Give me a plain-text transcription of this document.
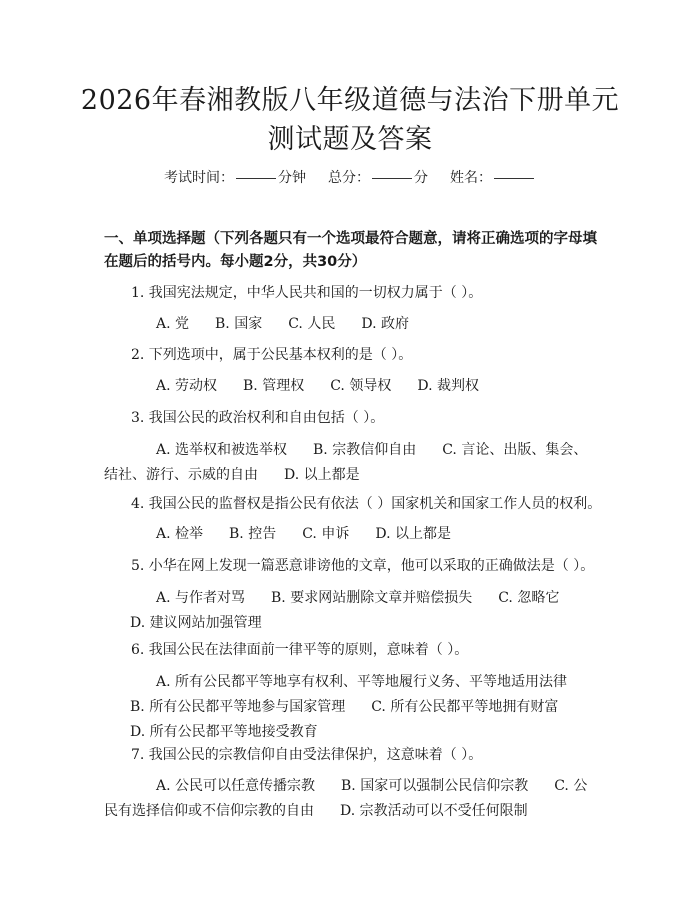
2026年春湘教版八年级道德与法治下册单元
测试题及答案
考试时间：	分钟 总分：	分 姓名：
一、单项选择题（下列各题只有一个选项最符合题意，请将正确选项的字母填在题后的括号内。每小题2分，共30分）
1. 我国宪法规定，中华人民共和国的一切权力属于（ ）。
A. 党 B. 国家 C. 人民 D. 政府
2. 下列选项中，属于公民基本权利的是（ ）。
A. 劳动权 B. 管理权 C. 领导权 D. 裁判权
3. 我国公民的政治权利和自由包括（ ）。
A. 选举权和被选举权 B. 宗教信仰自由 C. 言论、出版、集会、结社、游行、示威的自由 D. 以上都是
4. 我国公民的监督权是指公民有依法（ ）国家机关和国家工作人员的权利。
A. 检举 B. 控告 C. 申诉 D. 以上都是
5. 小华在网上发现一篇恶意诽谤他的文章，他可以采取的正确做法是（ ）。
A. 与作者对骂 B. 要求网站删除文章并赔偿损失 C. 忽略它D. 建议网站加强管理
6. 我国公民在法律面前一律平等的原则，意味着（ ）。
A. 所有公民都平等地享有权利、平等地履行义务、平等地适用法律B. 所有公民都平等地参与国家管理 C. 所有公民都平等地拥有财富D. 所有公民都平等地接受教育
7. 我国公民的宗教信仰自由受法律保护，这意味着（ ）。
A. 公民可以任意传播宗教 B. 国家可以强制公民信仰宗教 C. 公民有选择信仰或不信仰宗教的自由 D. 宗教活动可以不受任何限制
